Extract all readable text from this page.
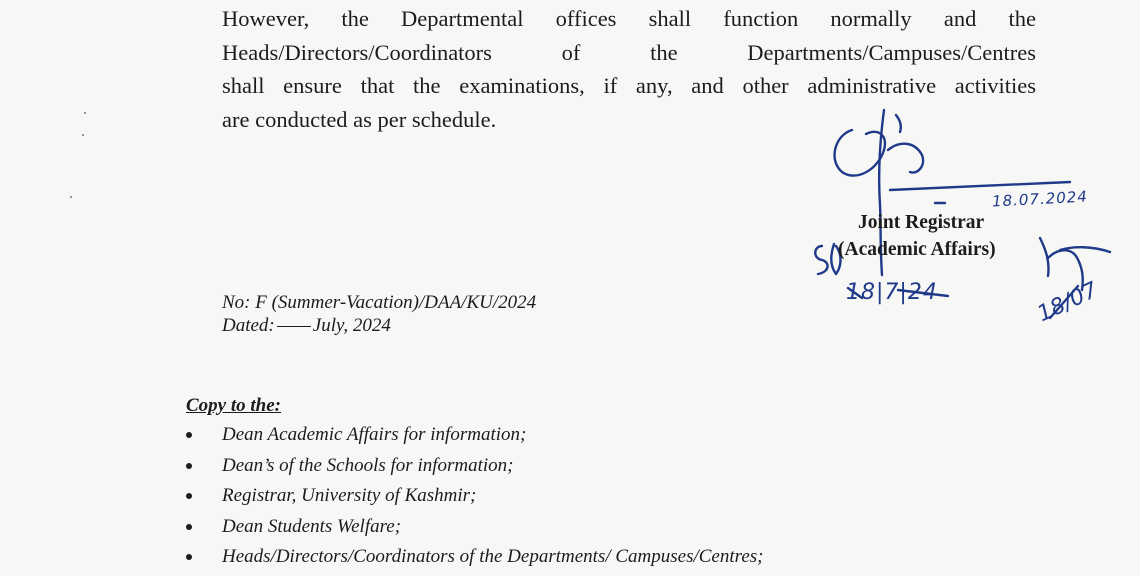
However, the Departmental offices shall function normally and the
Heads/Directors/Coordinators of the Departments/Campuses/Centres
shall ensure that the examinations, if any, and other administrative activities
are conducted as per schedule.
18.07.2024
18|7|24	18/07
Joint Registrar
(Academic Affairs)
No: F (Summer-Vacation)/DAA/KU/2024
Dated: July, 2024
Copy to the:
Dean Academic Affairs for information;
Dean’s of the Schools for information;
Registrar, University of Kashmir;
Dean Students Welfare;
Heads/Directors/Coordinators of the Departments/ Campuses/Centres;
